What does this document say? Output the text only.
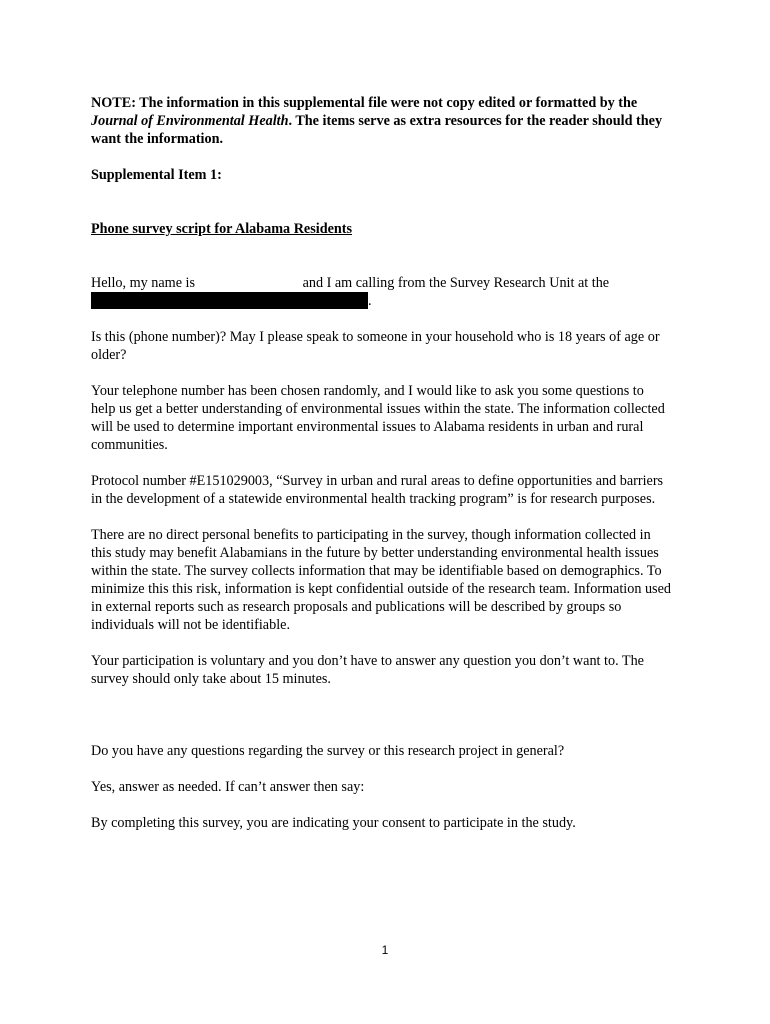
NOTE: The information in this supplemental file were not copy edited or formatted by the Journal of Environmental Health. The items serve as extra resources for the reader should they want the information.

Supplemental Item 1:

Phone survey script for Alabama Residents

Hello, my name is	and I am calling from the Survey Research Unit at the
.

Is this (phone number)? May I please speak to someone in your household who is 18 years of age or older?

Your telephone number has been chosen randomly, and I would like to ask you some questions to help us get a better understanding of environmental issues within the state. The information collected will be used to determine important environmental issues to Alabama residents in urban and rural communities.

Protocol number #E151029003, “Survey in urban and rural areas to define opportunities and barriers in the development of a statewide environmental health tracking program” is for research purposes.

There are no direct personal benefits to participating in the survey, though information collected in this study may benefit Alabamians in the future by better understanding environmental health issues within the state. The survey collects information that may be identifiable based on demographics. To minimize this this risk, information is kept confidential outside of the research team. Information used in external reports such as research proposals and publications will be described by groups so individuals will not be identifiable.

Your participation is voluntary and you don’t have to answer any question you don’t want to. The survey should only take about 15 minutes.

Do you have any questions regarding the survey or this research project in general?

Yes, answer as needed. If can’t answer then say:

By completing this survey, you are indicating your consent to participate in the study.

1
